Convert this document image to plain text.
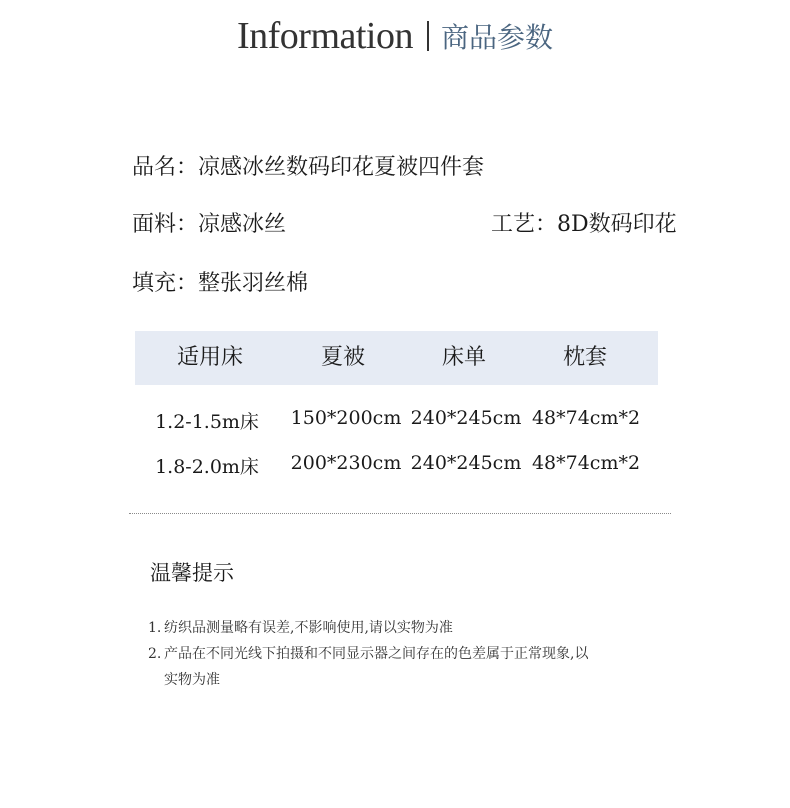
Information 商品参数
品名：凉感冰丝数码印花夏被四件套
面料：凉感冰丝	工艺：8D数码印花
填充：整张羽丝棉
适用床	夏被	床单	枕套
1.2-1.5m床 150*200cm 240*245cm 48*74cm*2
1.8-2.0m床 200*230cm 240*245cm 48*74cm*2
温馨提示
1. 纺织品测量略有误差,不影响使用,请以实物为准
2. 产品在不同光线下拍摄和不同显示器之间存在的色差属于正常现象,以
实物为准
